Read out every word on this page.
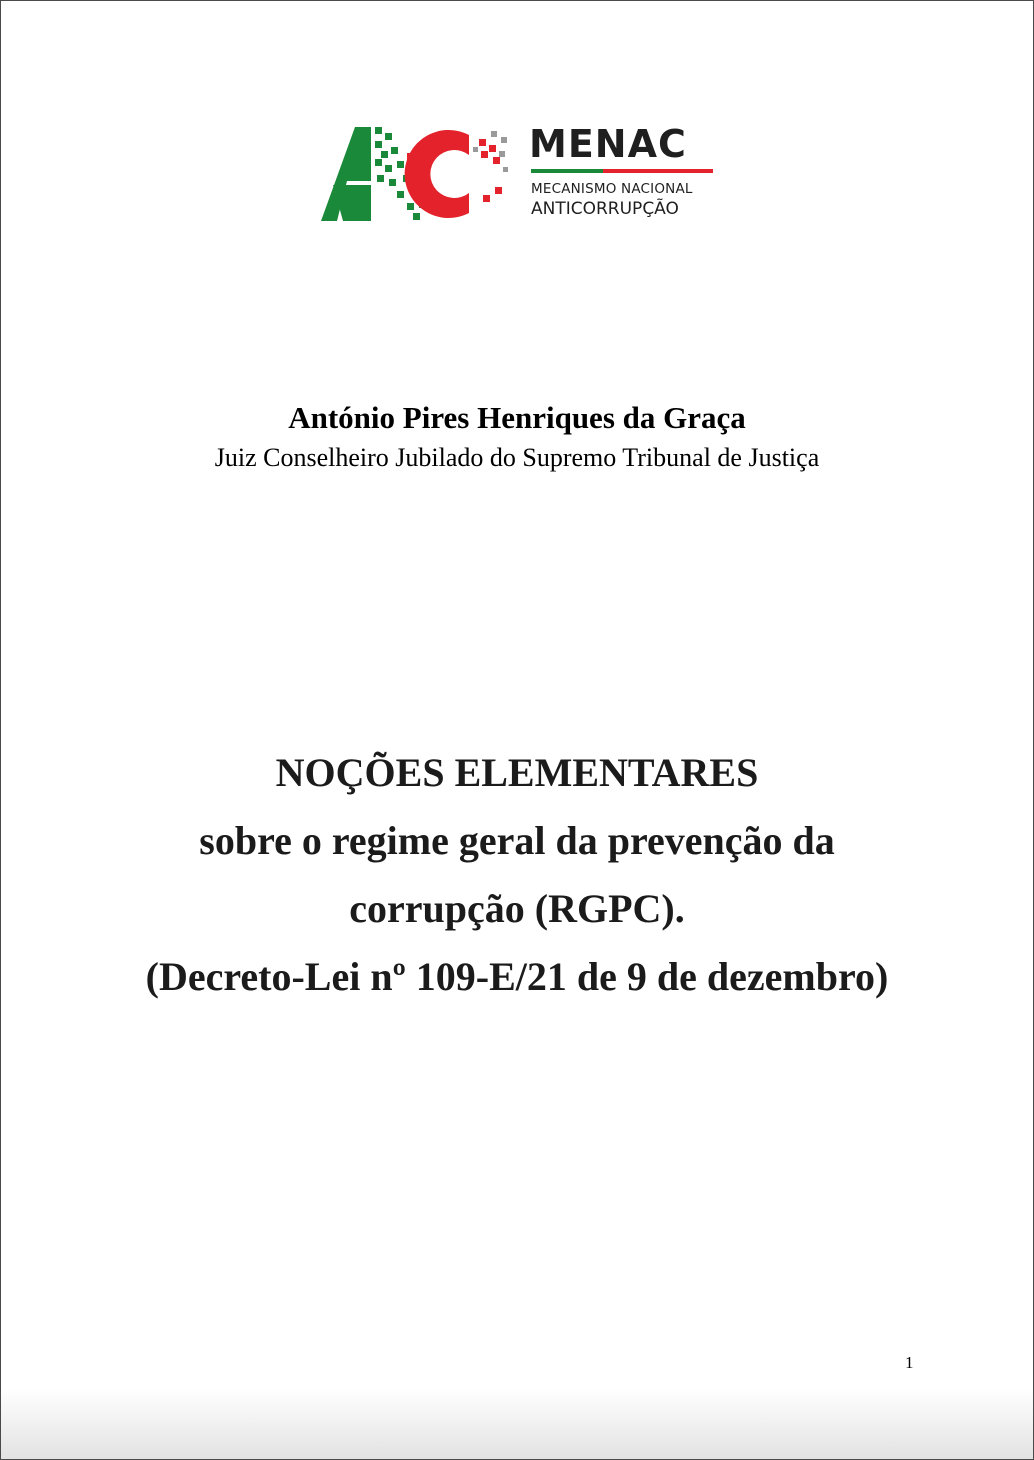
MENAC
MECANISMO NACIONAL
ANTICORRUPÇÃO
António Pires Henriques da Graça
Juiz Conselheiro Jubilado do Supremo Tribunal de Justiça
NOÇÕES ELEMENTARES
sobre o regime geral da prevenção da
corrupção (RGPC).
(Decreto-Lei nº 109-E/21 de 9 de dezembro)
1
